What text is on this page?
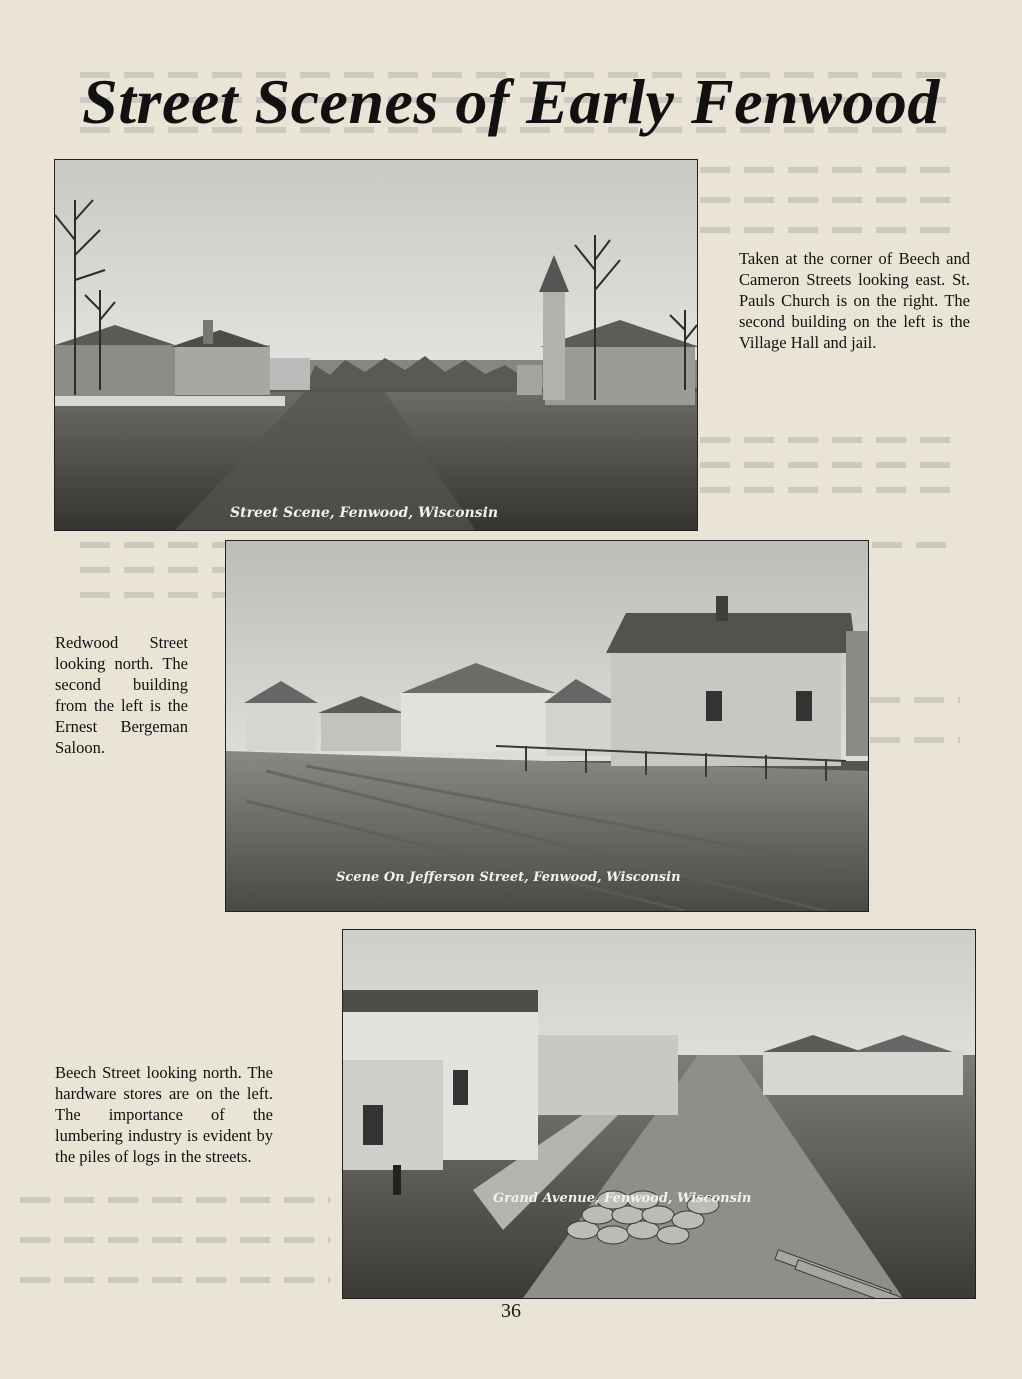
Street Scenes of Early Fenwood
Street Scene, Fenwood, Wisconsin
Taken at the corner of Beech and Cameron Streets looking east. St. Pauls Church is on the right. The second building on the left is the Village Hall and jail.
Scene On Jefferson Street, Fenwood, Wisconsin
Redwood Street looking north. The second building from the left is the Ernest Bergeman Saloon.
Grand Avenue, Fenwood, Wisconsin
Beech Street looking north. The hardware stores are on the left. The importance of the lumbering industry is evident by the piles of logs in the streets.
36
